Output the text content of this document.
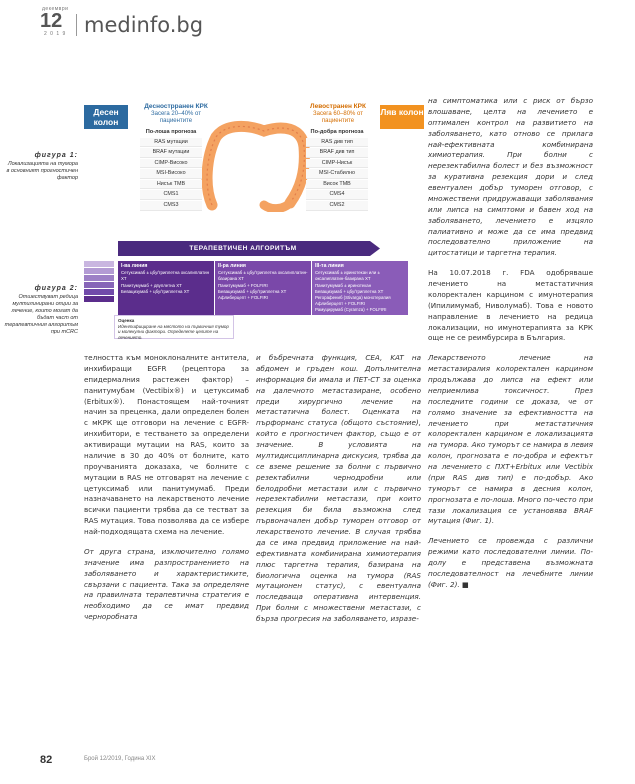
декември
12
2 0 1 9 medinfo.bg
фигура 1:
Локализацията на тумора в основният прогностичен фактор
Десен колон
Ляв колон
Деснострранен КРК
Засега 20–40% от пациентите
Левостранен КРК
Засега 60–80% от пациентите
По-лоша прогноза
RAS мутации
BRAF мутации
CIMP-Високо
MSI-Високо
Нисък TMB
CMS1
CMS3
По-добра прогноза
RAS див тип
BRAF див тип
CIMP-Нисък
MSI-Стабилно
Висок TMB
CMS4
CMS2
фигура 2:
Отшествуват редица мултилинирани опции за лечение, които могат да бъдат част от терапевтичния алгоритъм при mCRC
ТЕРАПЕВТИЧЕН АЛГОРИТЪМ
I-ва линия
Сетуксимаб ± цбу/триплетна оксалиплатин ХТ
Панитумумаб + двуплетна ХТ
Бевацизумаб + цбу/триплетна ХТ
II-ра линия
Сетуксимаб ± цбу/триплетна оксалиплатин-базирана ХТ
Панитумумаб + FOLFIRI
Бевацизумаб + цбу/триплетна ХТ
Афлиберцепт + FOLFIRI
III-та линия
Сетуксимаб ± иринотекан или ± оксалиплатин-базирана ХТ
Панитумумаб ± иринотекан
Бевацизумаб + цбу/триплетна ХТ
Регорафениб (Stivarga) монотерапия
Афлиберцепт + FOLFIRI
Рамуцирумаб (Cyramza) + FOLFIRI
Оценка
Идентифициране на мястото на първичния тумор и молекулни фактори. Определете целите на лечението.

на симптоматика или с риск от бързо влошаване, целта на лечението е оптимален контрол на развитието на заболяването, като отново се прилага най-ефективната комбинирана химиотерапия. При болни с нерезектабилна болест и без възможност за куративна резекция дори и след евентуален добър туморен отговор, с множествени придружаващи заболявания или липса на симптоми и бавен ход на заболяването, лечението е изцяло палиативно и може да се има предвид последователно приложение на цитостатици и таргетна терапия.

На 10.07.2018 г. FDA одобряваше лечението на метастатичния колоректален карцином с имунотерапия (Ипилимумаб, Ниволумаб). Това е новото направление в лечението на редица локализации, но имунотерапията за КРК още не се реимбурсира в България.

Лекарственото лечение на метастазиралия колоректален карцином продължава до липса на ефект или неприемлива токсичност. През последните години се доказа, че от голямо значение за ефективността на лечението при метастатичния колоректален карцином е локализацията на тумора. Ако туморът се намира в левия колон, прогнозата е по-добра и ефектът на лечението с ПХТ+Erbitux или Vectibix (при RAS див тип) е по-добър. Ако туморът се намира в десния колон, прогнозата е по-лоша. Много по-често при тази локализация се установява BRAF мутация (Фиг. 1).

Лечението се провежда с различни режими като последователни линии. По-долу е представена възможната последователност на лечебните линии (Фиг. 2). ■

телността към моноклоналните антитела, инхибиращи EGFR (рецептора за епидермалния растежен фактор) – панитумубам (Vectibix®) и цетуксимаб (Erbitux®). Понастоящем най-точният начин за преценка, дали определен болен с мКРК ще отговори на лечение с EGFR-инхибитори, е тестването за определени активиращи мутации на RAS, които за наличие в 30 до 40% от болните, като проучванията доказаха, че болните с мутации в RAS не отговарят на лечение с цетуксимаб или панитумумаб. Преди назначаването на лекарственото лечение всички пациенти трябва да се тестват за RAS мутация. Това позволява да се избере най-подходящата схема на лечение.

От друга страна, изключително голямо значение има разпространението на заболяването и характеристиките, свързани с пациента. Така за определяне на правилната терапевтична стратегия е необходимо да се имат предвид черноробната

и бъбречната функция, CEA, KAT на абдомен и гръден кош. Допълнителна информация би имала и ПЕТ-СТ за оценка на далечното метастазиране, особено преди хирургично лечение на метастатична болест. Оценката на пърформанс статуса (общото състояние), който е прогностичен фактор, също е от значение. В условията на мултидисциплинарна дискусия, трябва да се вземе решение за болни с първично резектабилни чернодробни или белодробни метастази или с първично нерезектабилни метастази, при които резекция би била възможна след първоначален добър туморен отговор от лекарственото лечение. В случая трябва да се има предвид приложение на най-ефективната комбинирана химиотерапия плюс таргетна терапия, базирана на биологична оценка на тумора (RAS мутационен статус), с евентуална последваща оперативна интервенция. При болни с множествени метастази, с бърза прогресия на заболяването, изразе-

82	Брой 12/2019, Година XIX
